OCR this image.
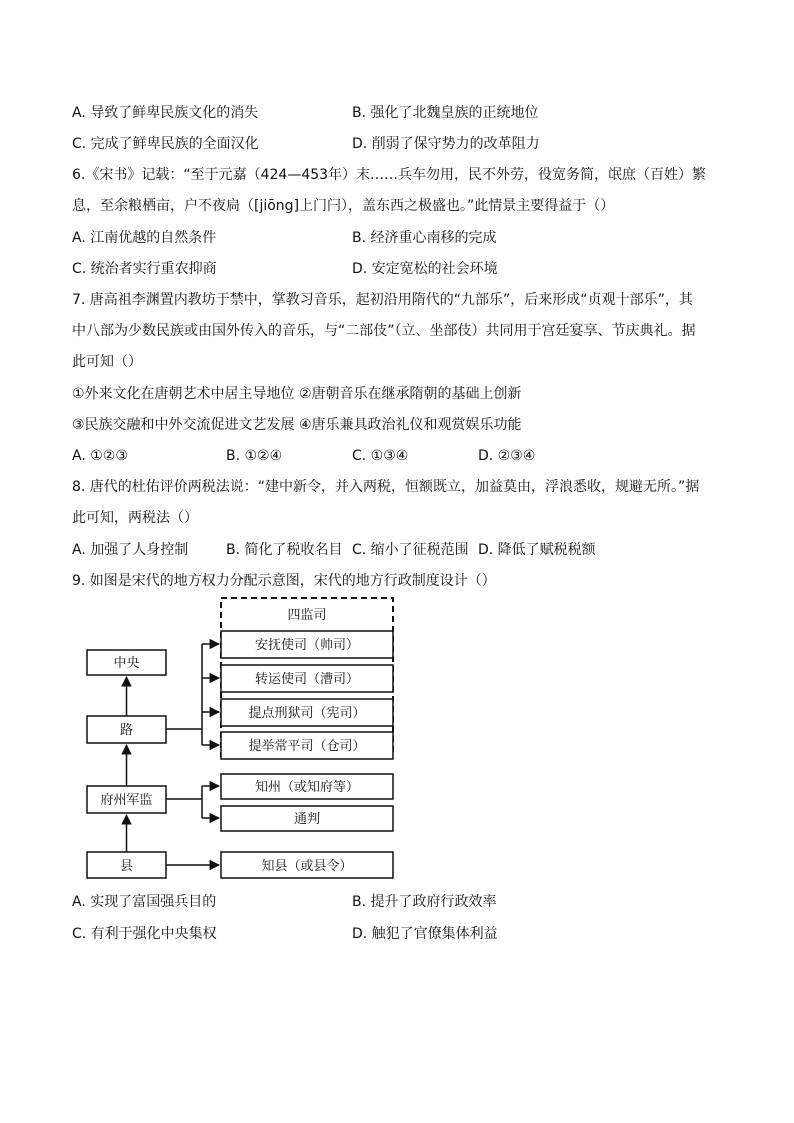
A. 导致了鲜卑民族文化的消失	B. 强化了北魏皇族的正统地位
C. 完成了鲜卑民族的全面汉化	D. 削弱了保守势力的改革阻力
6.《宋书》记载：“至于元嘉（424—453年）末……兵车勿用，民不外劳，役宽务简，氓庶（百姓）繁
息，至余粮栖亩，户不夜扃（[jiōng]上门闩），盖东西之极盛也。”此情景主要得益于（）
A. 江南优越的自然条件	B. 经济重心南移的完成
C. 统治者实行重农抑商	D. 安定宽松的社会环境
7. 唐高祖李渊置内教坊于禁中，掌教习音乐，起初沿用隋代的“九部乐”，后来形成“贞观十部乐”，其
中八部为少数民族或由国外传入的音乐，与“二部伎”（立、坐部伎）共同用于宫廷宴享、节庆典礼。据
此可知（）
①外来文化在唐朝艺术中居主导地位 ②唐朝音乐在继承隋朝的基础上创新
③民族交融和中外交流促进文艺发展 ④唐乐兼具政治礼仪和观赏娱乐功能
A. ①②③	B. ①②④	C. ①③④	D. ②③④
8. 唐代的杜佑评价两税法说：“建中新令，并入两税，恒额既立，加益莫由，浮浪悉收，规避无所。”据
此可知，两税法（）
A. 加强了人身控制	B. 简化了税收名目 C. 缩小了征税范围 D. 降低了赋税税额
9. 如图是宋代的地方权力分配示意图，宋代的地方行政制度设计（）
中央
路
府州军监
县
四监司
安抚使司（帅司）
转运使司（漕司）
提点刑狱司（宪司）
提举常平司（仓司）
知州（或知府等）
通判
知县（或县令）
A. 实现了富国强兵目的	B. 提升了政府行政效率
C. 有利于强化中央集权	D. 触犯了官僚集体利益
